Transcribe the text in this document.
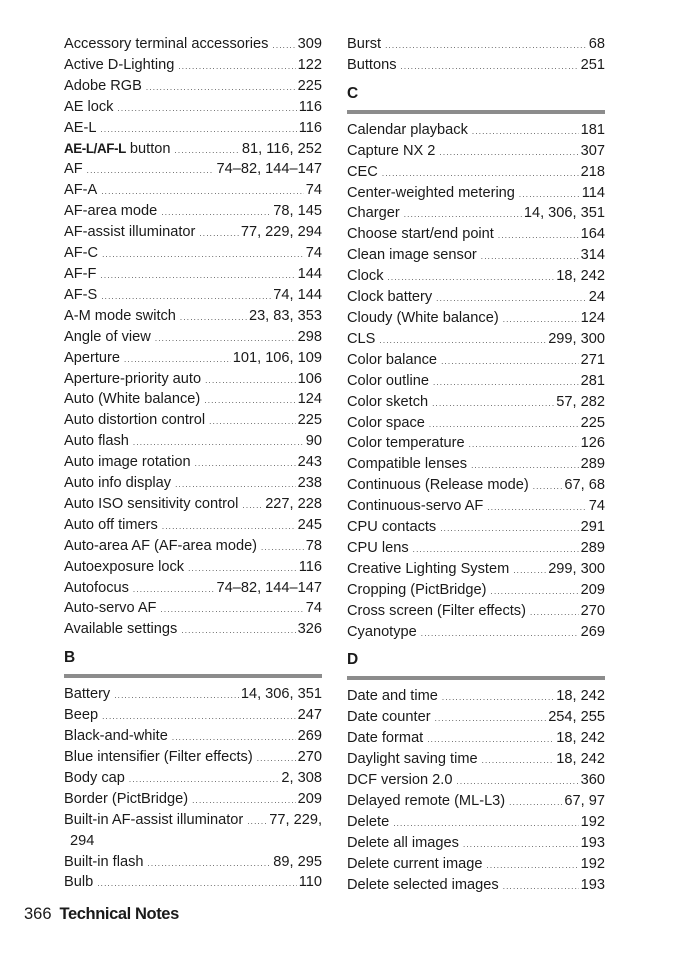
Accessory terminal accessories ..... 309
Active D-Lighting .....	122
Adobe RGB .....	225
AE lock .....	116
AE-L .....	116
AE-L/AF-L button .....	81, 116, 252
AF .....	74–82, 144–147
AF-A .....	74
AF-area mode .....	78, 145
AF-assist illuminator .....	77, 229, 294
AF-C .....	74
AF-F .....	144
AF-S .....	74, 144
A-M mode switch .....	23, 83, 353
Angle of view .....	298
Aperture .....	101, 106, 109
Aperture-priority auto .....	106
Auto (White balance) .....	124
Auto distortion control .....	225
Auto flash .....	90
Auto image rotation .....	243
Auto info display .....	238
Auto ISO sensitivity control ..... 227, 228
Auto off timers .....	245
Auto-area AF (AF-area mode) .....	78
Autoexposure lock .....	116
Autofocus .....	74–82, 144–147
Auto-servo AF .....	74
Available settings .....	326
B
Battery .....	14, 306, 351
Beep .....	247
Black-and-white .....	269
Blue intensifier (Filter effects) .....	270
Body cap .....	2, 308
Border (PictBridge) .....	209
Built-in AF-assist illuminator ..... 77, 229,
294
Built-in flash .....	89, 295
Bulb .....	110
Burst .....	68
Buttons .....	251
C
Calendar playback .....	181
Capture NX 2 .....	307
CEC .....	218
Center-weighted metering .....	114
Charger .....	14, 306, 351
Choose start/end point .....	164
Clean image sensor .....	314
Clock .....	18, 242
Clock battery .....	24
Cloudy (White balance) .....	124
CLS .....	299, 300
Color balance .....	271
Color outline .....	281
Color sketch .....	57, 282
Color space .....	225
Color temperature .....	126
Compatible lenses .....	289
Continuous (Release mode) ..... 67, 68
Continuous-servo AF .....	74
CPU contacts .....	291
CPU lens .....	289
Creative Lighting System .....	299, 300
Cropping (PictBridge) .....	209
Cross screen (Filter effects) .....	270
Cyanotype .....	269
D
Date and time .....	18, 242
Date counter .....	254, 255
Date format .....	18, 242
Daylight saving time .....	18, 242
DCF version 2.0 .....	360
Delayed remote (ML-L3) .....	67, 97
Delete .....	192
Delete all images .....	193
Delete current image .....	192
Delete selected images .....	193
366 Technical Notes
